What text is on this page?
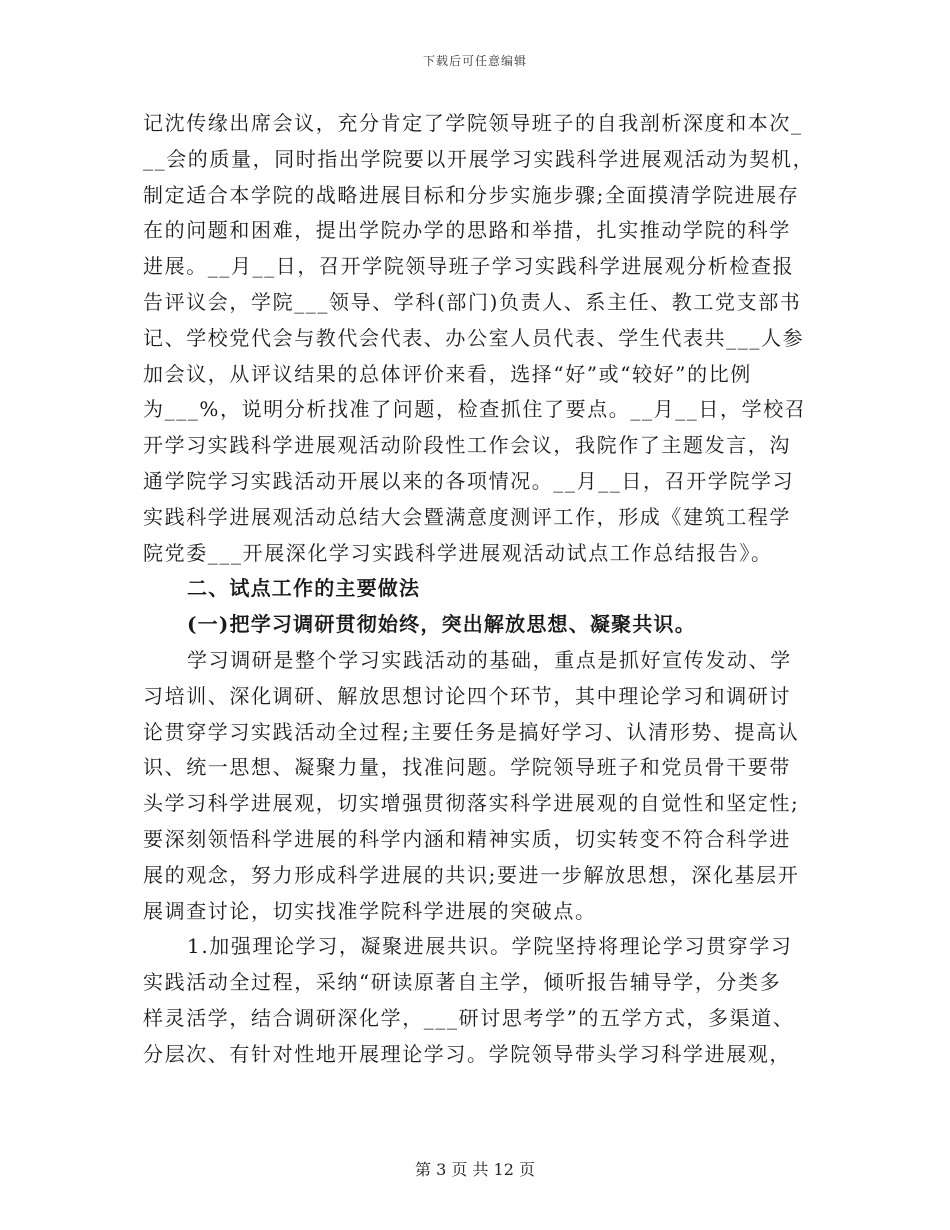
下载后可任意编辑
记沈传缘出席会议，充分肯定了学院领导班子的自我剖析深度和本次_
__会的质量，同时指出学院要以开展学习实践科学进展观活动为契机，
制定适合本学院的战略进展目标和分步实施步骤;全面摸清学院进展存
在的问题和困难，提出学院办学的思路和举措，扎实推动学院的科学
进展。__月__日，召开学院领导班子学习实践科学进展观分析检查报
告评议会，学院___领导、学科(部门)负责人、系主任、教工党支部书
记、学校党代会与教代会代表、办公室人员代表、学生代表共___人参
加会议，从评议结果的总体评价来看，选择“好”或“较好”的比例
为___%，说明分析找准了问题，检查抓住了要点。__月__日，学校召
开学习实践科学进展观活动阶段性工作会议，我院作了主题发言，沟
通学院学习实践活动开展以来的各项情况。__月__日，召开学院学习
实践科学进展观活动总结大会暨满意度测评工作，形成《建筑工程学
院党委___开展深化学习实践科学进展观活动试点工作总结报告》。
二、试点工作的主要做法
(一)把学习调研贯彻始终，突出解放思想、凝聚共识。
学习调研是整个学习实践活动的基础，重点是抓好宣传发动、学
习培训、深化调研、解放思想讨论四个环节，其中理论学习和调研讨
论贯穿学习实践活动全过程;主要任务是搞好学习、认清形势、提高认
识、统一思想、凝聚力量，找准问题。学院领导班子和党员骨干要带
头学习科学进展观，切实增强贯彻落实科学进展观的自觉性和坚定性;
要深刻领悟科学进展的科学内涵和精神实质，切实转变不符合科学进
展的观念，努力形成科学进展的共识;要进一步解放思想，深化基层开
展调查讨论，切实找准学院科学进展的突破点。
1.加强理论学习，凝聚进展共识。学院坚持将理论学习贯穿学习
实践活动全过程，采纳“研读原著自主学，倾听报告辅导学，分类多
样灵活学，结合调研深化学，___研讨思考学”的五学方式，多渠道、
分层次、有针对性地开展理论学习。学院领导带头学习科学进展观，
第 3 页 共 12 页
